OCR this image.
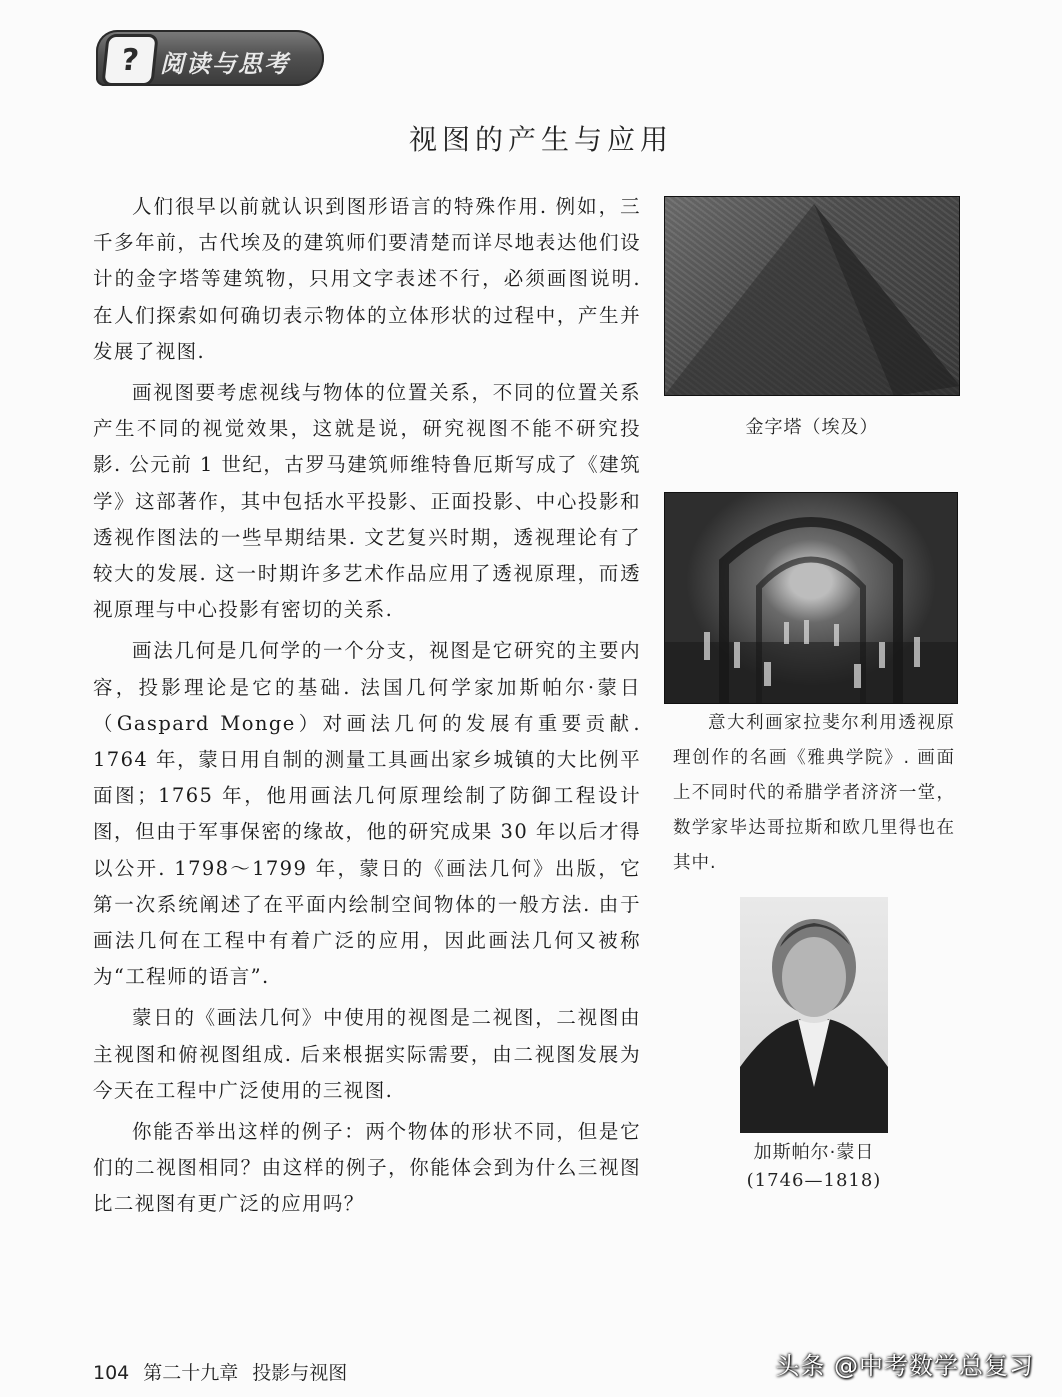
? 阅读与思考
视图的产生与应用

人们很早以前就认识到图形语言的特殊作用. 例如，三千多年前，古代埃及的建筑师们要清楚而详尽地表达他们设计的金字塔等建筑物，只用文字表述不行，必须画图说明. 在人们探索如何确切表示物体的立体形状的过程中，产生并发展了视图.

画视图要考虑视线与物体的位置关系，不同的位置关系产生不同的视觉效果，这就是说，研究视图不能不研究投影. 公元前 1 世纪，古罗马建筑师维特鲁厄斯写成了《建筑学》这部著作，其中包括水平投影、正面投影、中心投影和透视作图法的一些早期结果. 文艺复兴时期，透视理论有了较大的发展. 这一时期许多艺术作品应用了透视原理，而透视原理与中心投影有密切的关系.

画法几何是几何学的一个分支，视图是它研究的主要内容，投影理论是它的基础. 法国几何学家加斯帕尔·蒙日（Gaspard Monge）对画法几何的发展有重要贡献. 1764 年，蒙日用自制的测量工具画出家乡城镇的大比例平面图；1765 年，他用画法几何原理绘制了防御工程设计图，但由于军事保密的缘故，他的研究成果 30 年以后才得以公开. 1798～1799 年，蒙日的《画法几何》出版，它第一次系统阐述了在平面内绘制空间物体的一般方法. 由于画法几何在工程中有着广泛的应用，因此画法几何又被称为“工程师的语言”.

蒙日的《画法几何》中使用的视图是二视图，二视图由主视图和俯视图组成. 后来根据实际需要，由二视图发展为今天在工程中广泛使用的三视图.

你能否举出这样的例子：两个物体的形状不同，但是它们的二视图相同？由这样的例子，你能体会到为什么三视图比二视图有更广泛的应用吗？

金字塔（埃及）
意大利画家拉斐尔利用透视原理创作的名画《雅典学院》. 画面上不同时代的希腊学者济济一堂，数学家毕达哥拉斯和欧几里得也在其中.
加斯帕尔·蒙日
(1746—1818)
104 第二十九章 投影与视图	头条 @中考数学总复习
